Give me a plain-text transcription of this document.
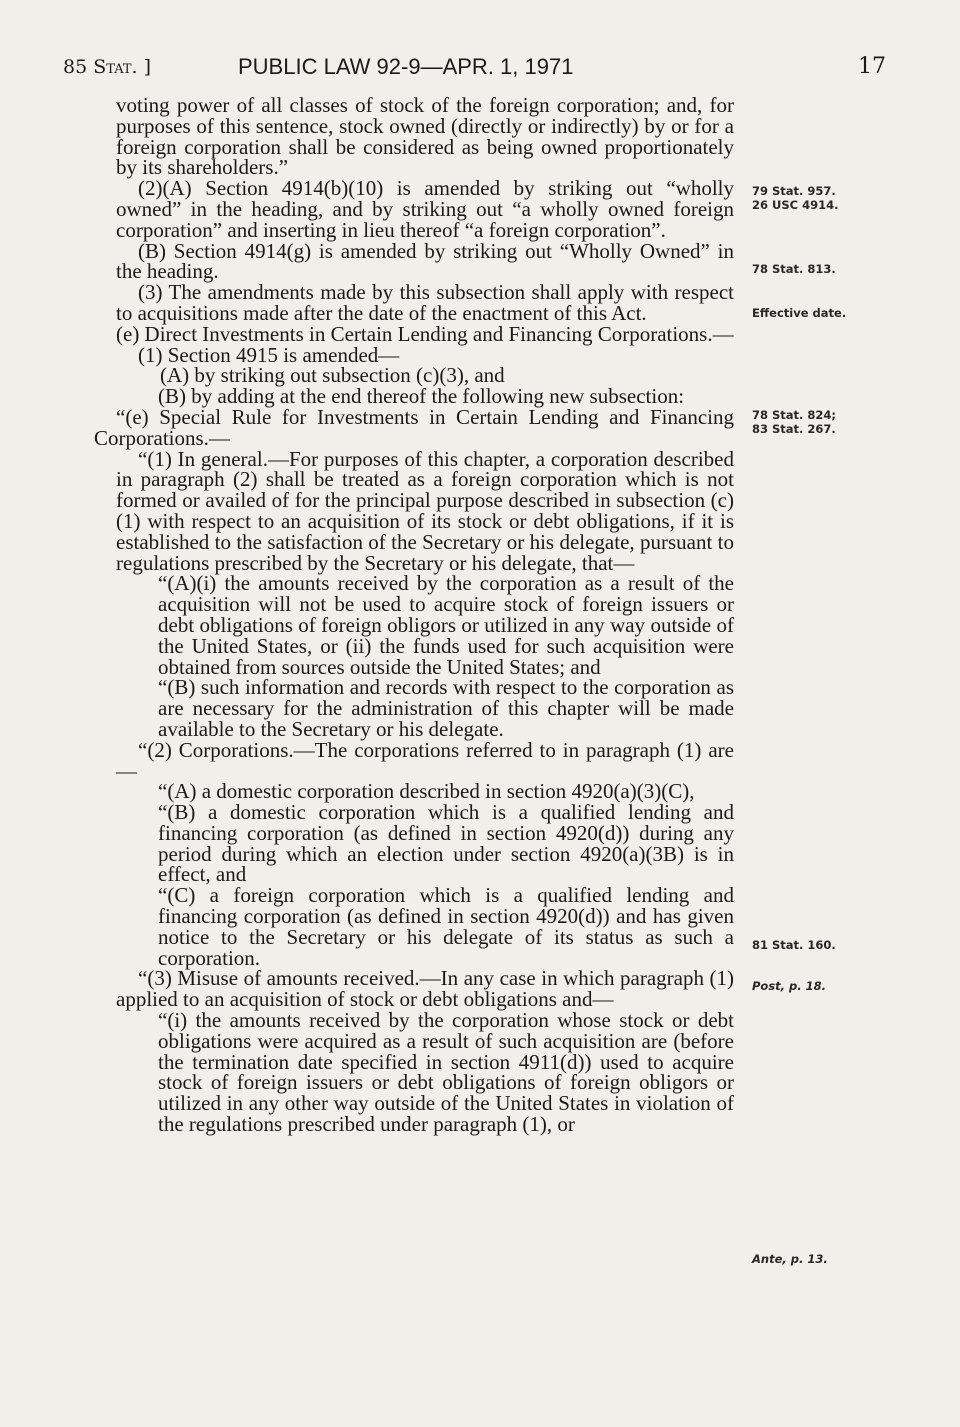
85 Stat. ]	PUBLIC LAW 92-9—APR. 1, 1971	17

voting power of all classes of stock of the foreign corporation; and, for purposes of this sentence, stock owned (directly or indirectly) by or for a foreign corporation shall be considered as being owned proportionately by its shareholders.”

(2)(A) Section 4914(b)(10) is amended by striking out “wholly owned” in the heading, and by striking out “a wholly owned foreign corporation” and inserting in lieu thereof “a foreign corporation”.

(B) Section 4914(g) is amended by striking out “Wholly Owned” in the heading.

(3) The amendments made by this subsection shall apply with respect to acquisitions made after the date of the enactment of this Act.

(e) Direct Investments in Certain Lending and Financing Corporations.—

(1) Section 4915 is amended—

(A) by striking out subsection (c)(3), and

(B) by adding at the end thereof the following new subsection:

“(e) Special Rule for Investments in Certain Lending and Financing Corporations.—

“(1) In general.—For purposes of this chapter, a corporation described in paragraph (2) shall be treated as a foreign corporation which is not formed or availed of for the principal purpose described in subsection (c)(1) with respect to an acquisition of its stock or debt obligations, if it is established to the satisfaction of the Secretary or his delegate, pursuant to regulations prescribed by the Secretary or his delegate, that—

“(A)(i) the amounts received by the corporation as a result of the acquisition will not be used to acquire stock of foreign issuers or debt obligations of foreign obligors or utilized in any way outside of the United States, or (ii) the funds used for such acquisition were obtained from sources outside the United States; and

“(B) such information and records with respect to the corporation as are necessary for the administration of this chapter will be made available to the Secretary or his delegate.

“(2) Corporations.—The corporations referred to in paragraph (1) are—

“(A) a domestic corporation described in section 4920(a)(3)(C),

“(B) a domestic corporation which is a qualified lending and financing corporation (as defined in section 4920(d)) during any period during which an election under section 4920(a)(3B) is in effect, and

“(C) a foreign corporation which is a qualified lending and financing corporation (as defined in section 4920(d)) and has given notice to the Secretary or his delegate of its status as such a corporation.

“(3) Misuse of amounts received.—In any case in which paragraph (1) applied to an acquisition of stock or debt obligations and—

“(i) the amounts received by the corporation whose stock or debt obligations were acquired as a result of such acquisition are (before the termination date specified in section 4911(d)) used to acquire stock of foreign issuers or debt obligations of foreign obligors or utilized in any other way outside of the United States in violation of the regulations prescribed under paragraph (1), or

79 Stat. 957.
26 USC 4914.
78 Stat. 813.
Effective date.
78 Stat. 824;
83 Stat. 267.
81 Stat. 160.
Post, p. 18.
Ante, p. 13.
